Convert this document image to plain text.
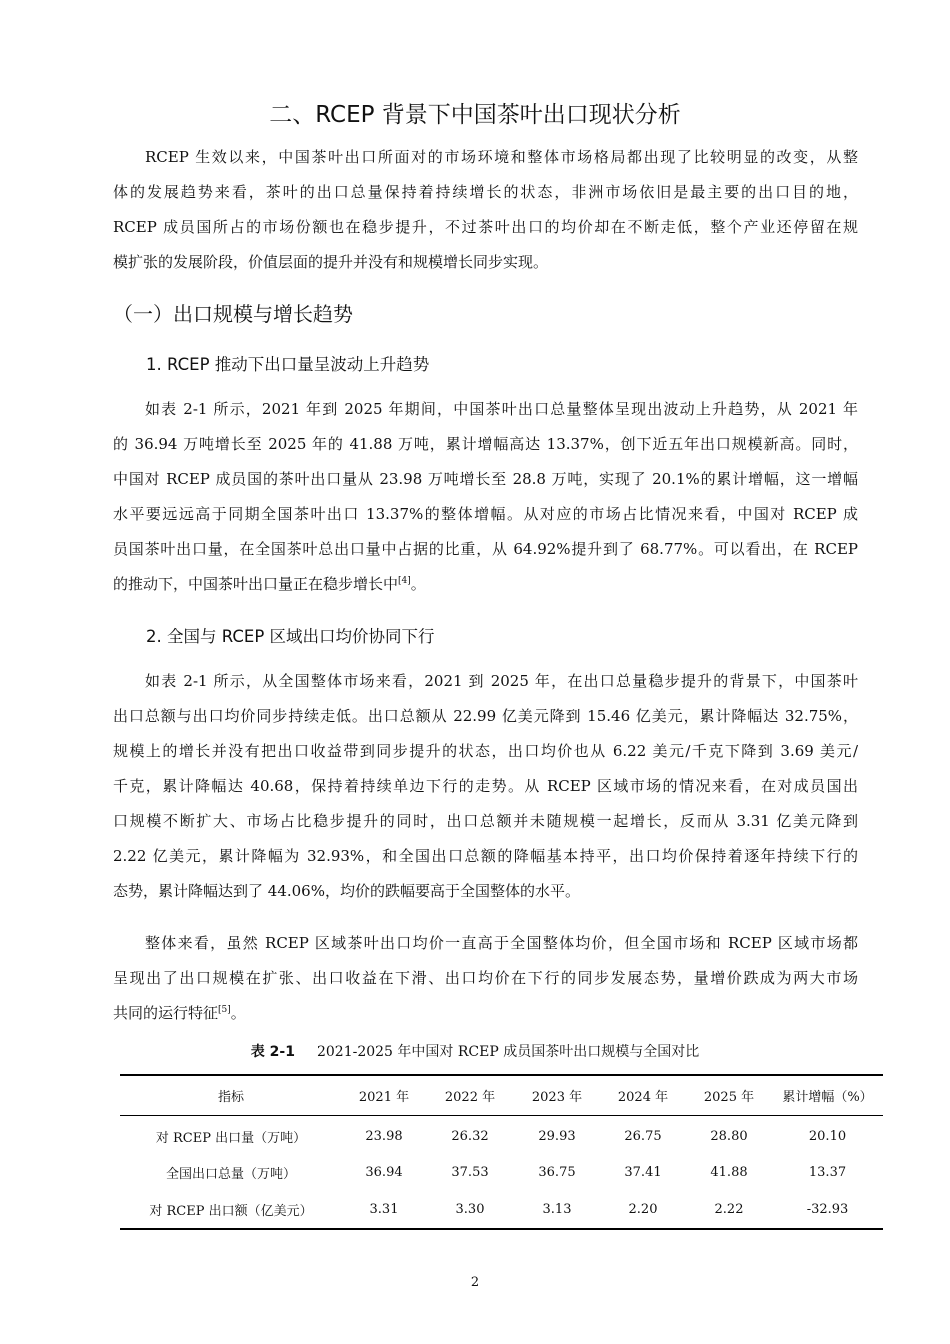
二、RCEP 背景下中国茶叶出口现状分析
RCEP 生效以来，中国茶叶出口所面对的市场环境和整体市场格局都出现了比较明显的改变，从整
体的发展趋势来看，茶叶的出口总量保持着持续增长的状态，非洲市场依旧是最主要的出口目的地，
RCEP 成员国所占的市场份额也在稳步提升，不过茶叶出口的均价却在不断走低，整个产业还停留在规
模扩张的发展阶段，价值层面的提升并没有和规模增长同步实现。
（一）出口规模与增长趋势
1. RCEP 推动下出口量呈波动上升趋势
如表 2-1 所示，2021 年到 2025 年期间，中国茶叶出口总量整体呈现出波动上升趋势，从 2021 年
的 36.94 万吨增长至 2025 年的 41.88 万吨，累计增幅高达 13.37%，创下近五年出口规模新高。同时，
中国对 RCEP 成员国的茶叶出口量从 23.98 万吨增长至 28.8 万吨，实现了 20.1%的累计增幅，这一增幅
水平要远远高于同期全国茶叶出口 13.37%的整体增幅。从对应的市场占比情况来看，中国对 RCEP 成
员国茶叶出口量，在全国茶叶总出口量中占据的比重，从 64.92%提升到了 68.77%。可以看出，在 RCEP
的推动下，中国茶叶出口量正在稳步增长中[4]。
2. 全国与 RCEP 区域出口均价协同下行
如表 2-1 所示，从全国整体市场来看，2021 到 2025 年，在出口总量稳步提升的背景下，中国茶叶
出口总额与出口均价同步持续走低。出口总额从 22.99 亿美元降到 15.46 亿美元，累计降幅达 32.75%，
规模上的增长并没有把出口收益带到同步提升的状态，出口均价也从 6.22 美元/千克下降到 3.69 美元/
千克，累计降幅达 40.68，保持着持续单边下行的走势。从 RCEP 区域市场的情况来看，在对成员国出
口规模不断扩大、市场占比稳步提升的同时，出口总额并未随规模一起增长，反而从 3.31 亿美元降到
2.22 亿美元，累计降幅为 32.93%，和全国出口总额的降幅基本持平，出口均价保持着逐年持续下行的
态势，累计降幅达到了 44.06%，均价的跌幅要高于全国整体的水平。
整体来看，虽然 RCEP 区域茶叶出口均价一直高于全国整体均价，但全国市场和 RCEP 区域市场都
呈现出了出口规模在扩张、出口收益在下滑、出口均价在下行的同步发展态势，量增价跌成为两大市场
共同的运行特征[5]。

表 2-1 2021-2025 年中国对 RCEP 成员国茶叶出口规模与全国对比

指标	2021 年	2022 年	2023 年	2024 年	2025 年	累计增幅（%）
对 RCEP 出口量（万吨）	23.98	26.32	29.93	26.75	28.80	20.10
全国出口总量（万吨）	36.94	37.53	36.75	37.41	41.88	13.37
对 RCEP 出口额（亿美元）	3.31	3.30	3.13	2.20	2.22	-32.93

2
